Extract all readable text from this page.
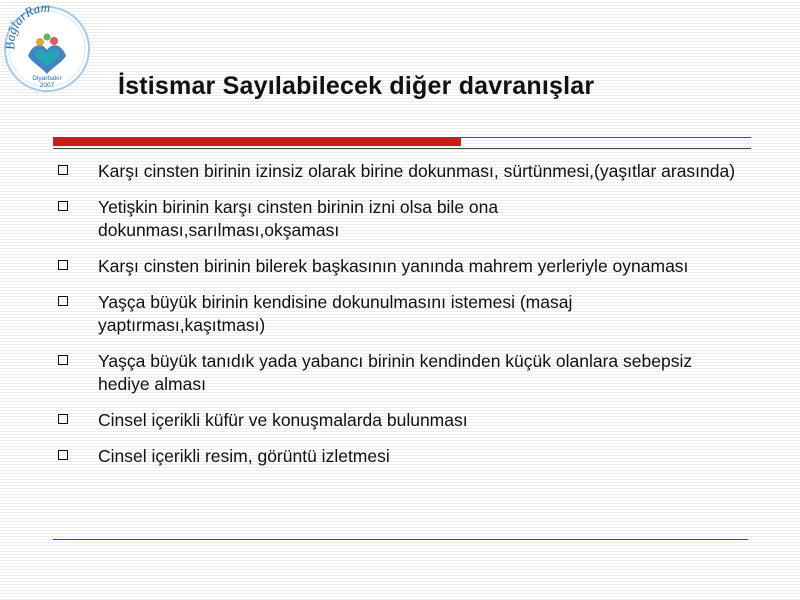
BağlarRam
Diyarbakır
2007	İstismar Sayılabilecek diğer davranışlar
Karşı cinsten birinin izinsiz olarak birine dokunması, sürtünmesi,(yaşıtlar arasında)
Yetişkin birinin karşı cinsten birinin izni olsa bile ona
dokunması,sarılması,okşaması
Karşı cinsten birinin bilerek başkasının yanında mahrem yerleriyle oynaması
Yaşça büyük birinin kendisine dokunulmasını istemesi (masaj
yaptırması,kaşıtması)
Yaşça büyük tanıdık yada yabancı birinin kendinden küçük olanlara sebepsiz
hediye alması
Cinsel içerikli küfür ve konuşmalarda bulunması
Cinsel içerikli resim, görüntü izletmesi
